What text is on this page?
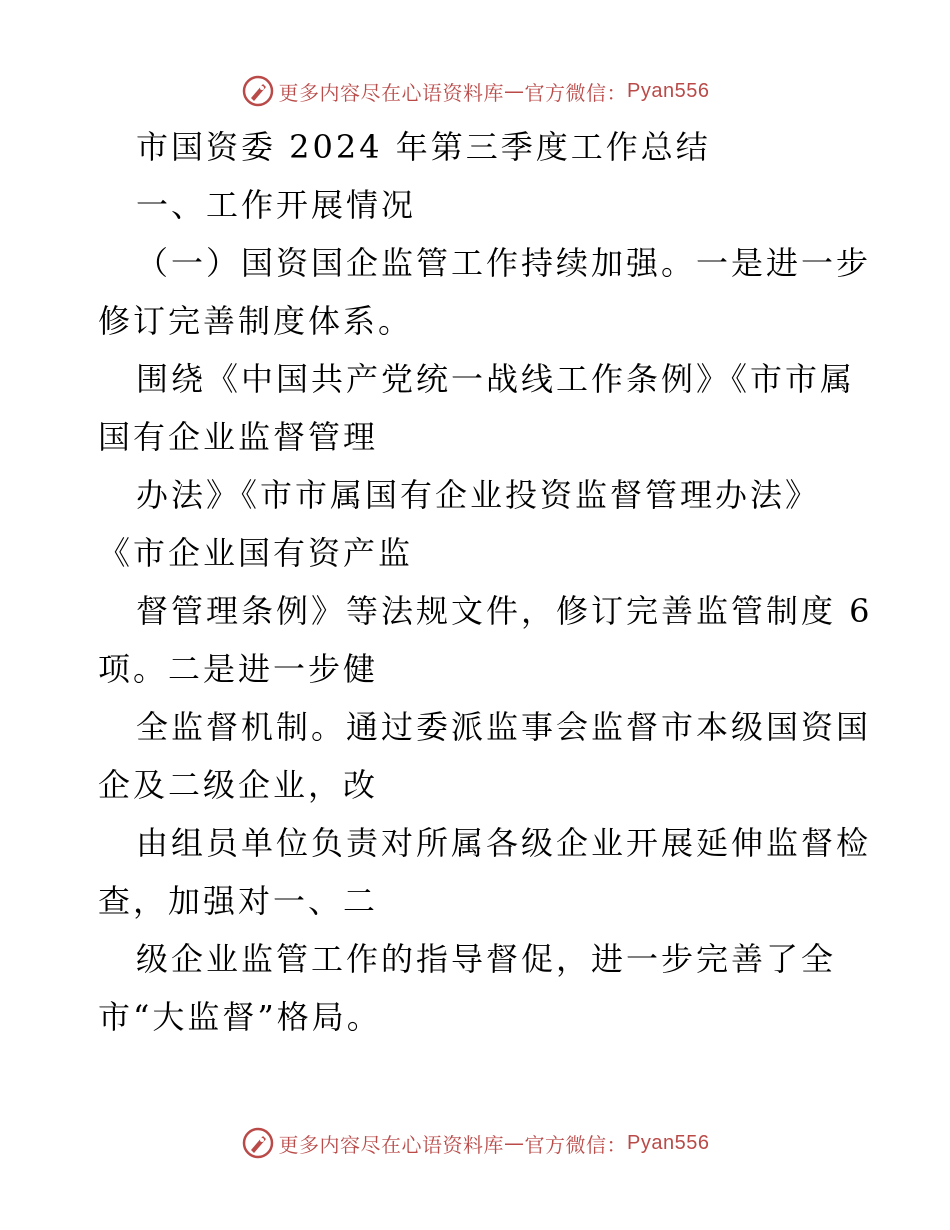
更多内容尽在心语资料库 — 官方微信： Pyan556
市国资委 2024 年第三季度工作总结
一、工作开展情况
（一）国资国企监管工作持续加强。一是进一步
修订完善制度体系。
围绕《中国共产党统一战线工作条例》《市市属
国有企业监督管理
办法》《市市属国有企业投资监督管理办法》
《市企业国有资产监
督管理条例》等法规文件，修订完善监管制度 6
项。二是进一步健
全监督机制。通过委派监事会监督市本级国资国
企及二级企业，改
由组员单位负责对所属各级企业开展延伸监督检
查，加强对一、二
级企业监管工作的指导督促，进一步完善了全
市“大监督”格局。
更多内容尽在心语资料库 — 官方微信： Pyan556
